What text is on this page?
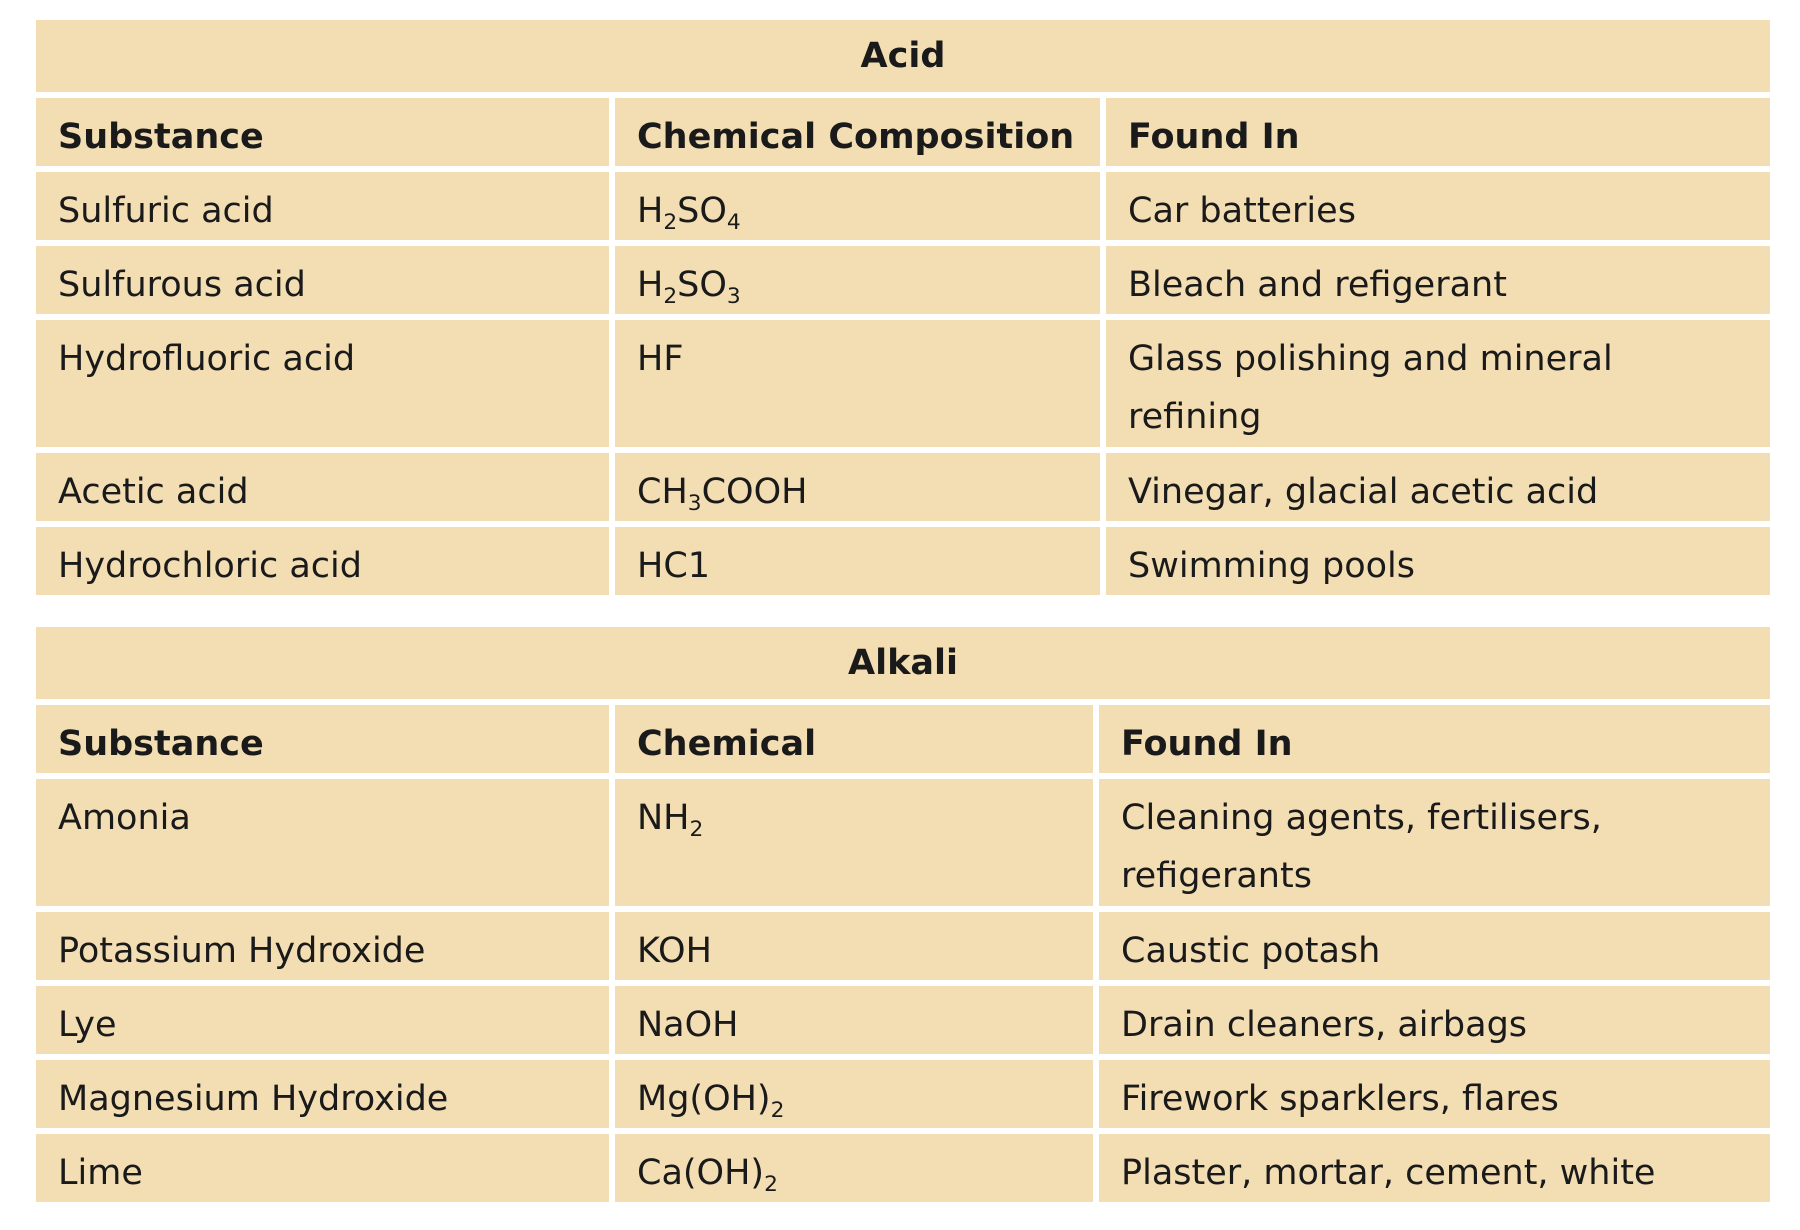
Acid
Substance	Chemical Composition	Found In
Sulfuric acid	$H_2SO_4$	Car batteries
Sulfurous acid	$H_2SO_3$	Bleach and refigerant
Hydrofluoric acid	HF	Glass polishing and mineral refining
Acetic acid	$CH_3COOH$	Vinegar, glacial acetic acid
Hydrochloric acid	HC1	Swimming pools
Alkali
Substance	Chemical	Found In
Amonia	$NH_2$	Cleaning agents, fertilisers, refigerants
Potassium Hydroxide	KOH	Caustic potash
Lye	NaOH	Drain cleaners, airbags
Magnesium Hydroxide	$Mg(OH)_2$	Firework sparklers, flares
Lime	$Ca(OH)_2$	Plaster, mortar, cement, white
